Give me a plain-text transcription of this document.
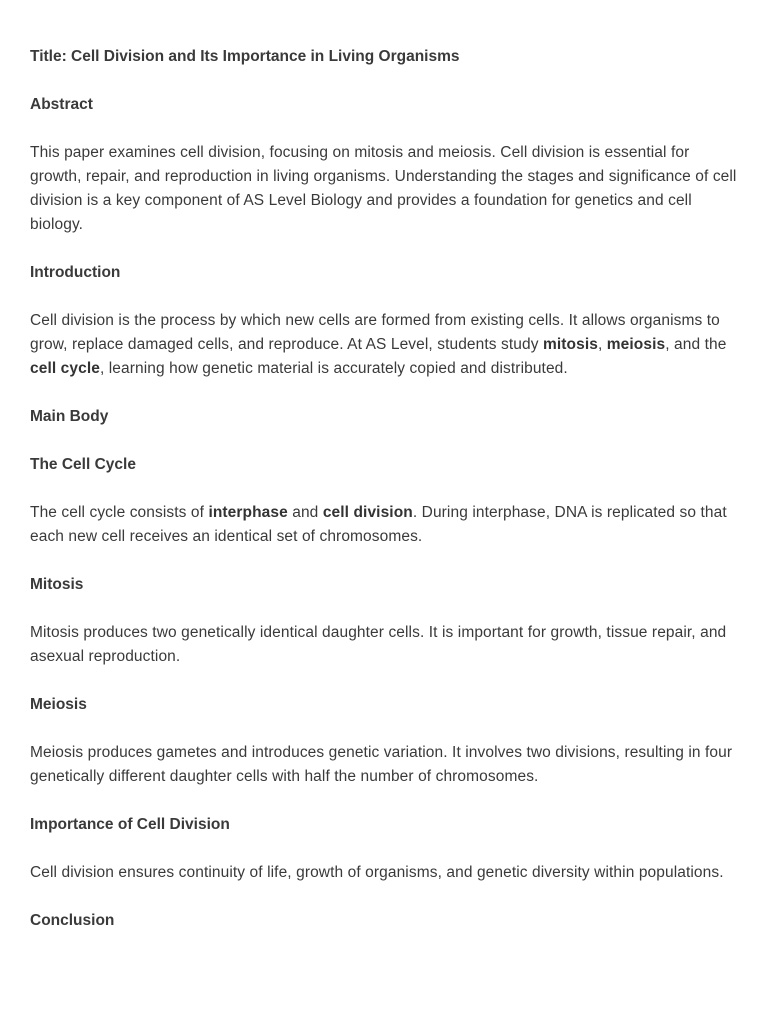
Title: Cell Division and Its Importance in Living Organisms
Abstract

This paper examines cell division, focusing on mitosis and meiosis. Cell division is essential for growth, repair, and reproduction in living organisms. Understanding the stages and significance of cell division is a key component of AS Level Biology and provides a foundation for genetics and cell biology.

Introduction

Cell division is the process by which new cells are formed from existing cells. It allows organisms to grow, replace damaged cells, and reproduce. At AS Level, students study mitosis, meiosis, and the cell cycle, learning how genetic material is accurately copied and distributed.

Main Body
The Cell Cycle

The cell cycle consists of interphase and cell division. During interphase, DNA is replicated so that each new cell receives an identical set of chromosomes.

Mitosis

Mitosis produces two genetically identical daughter cells. It is important for growth, tissue repair, and asexual reproduction.

Meiosis

Meiosis produces gametes and introduces genetic variation. It involves two divisions, resulting in four genetically different daughter cells with half the number of chromosomes.

Importance of Cell Division

Cell division ensures continuity of life, growth of organisms, and genetic diversity within populations.

Conclusion
